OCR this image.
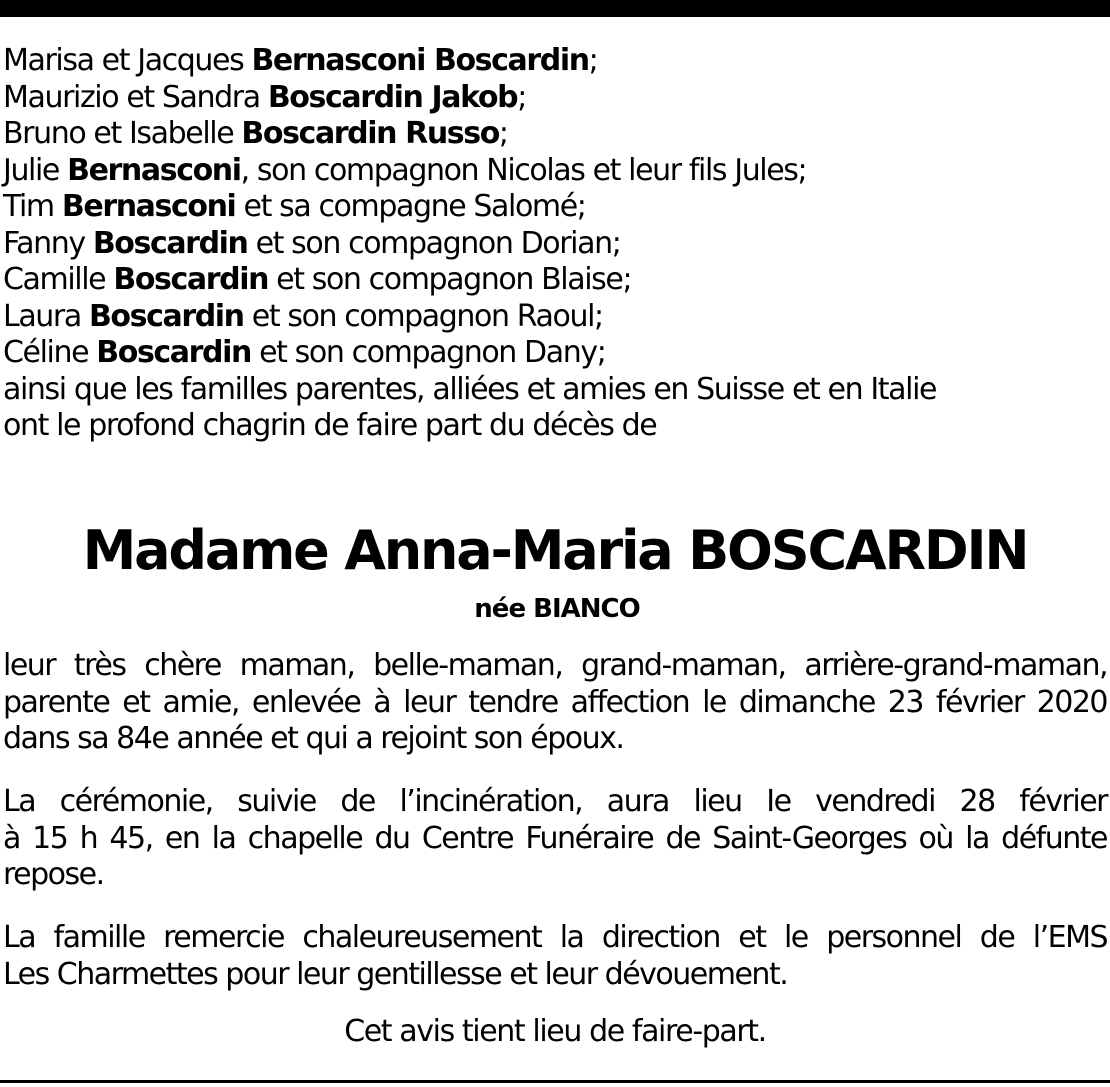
Marisa et Jacques Bernasconi Boscardin;
Maurizio et Sandra Boscardin Jakob;
Bruno et Isabelle Boscardin Russo;
Julie Bernasconi, son compagnon Nicolas et leur fils Jules;
Tim Bernasconi et sa compagne Salomé;
Fanny Boscardin et son compagnon Dorian;
Camille Boscardin et son compagnon Blaise;
Laura Boscardin et son compagnon Raoul;
Céline Boscardin et son compagnon Dany;
ainsi que les familles parentes, alliées et amies en Suisse et en Italie
ont le profond chagrin de faire part du décès de
Madame Anna-Maria BOSCARDIN
née BIANCO
leur très chère maman, belle-maman, grand-maman, arrière-grand-maman,
parente et amie, enlevée à leur tendre affection le dimanche 23 février 2020
dans sa 84e année et qui a rejoint son époux.
La cérémonie, suivie de l’incinération, aura lieu Ie vendredi 28 février
à 15 h 45, en la chapelle du Centre Funéraire de Saint-Georges où la défunte
repose.
La famille remercie chaleureusement la direction et le personnel de l’EMS
Les Charmettes pour leur gentillesse et leur dévouement.
Cet avis tient lieu de faire-part.
